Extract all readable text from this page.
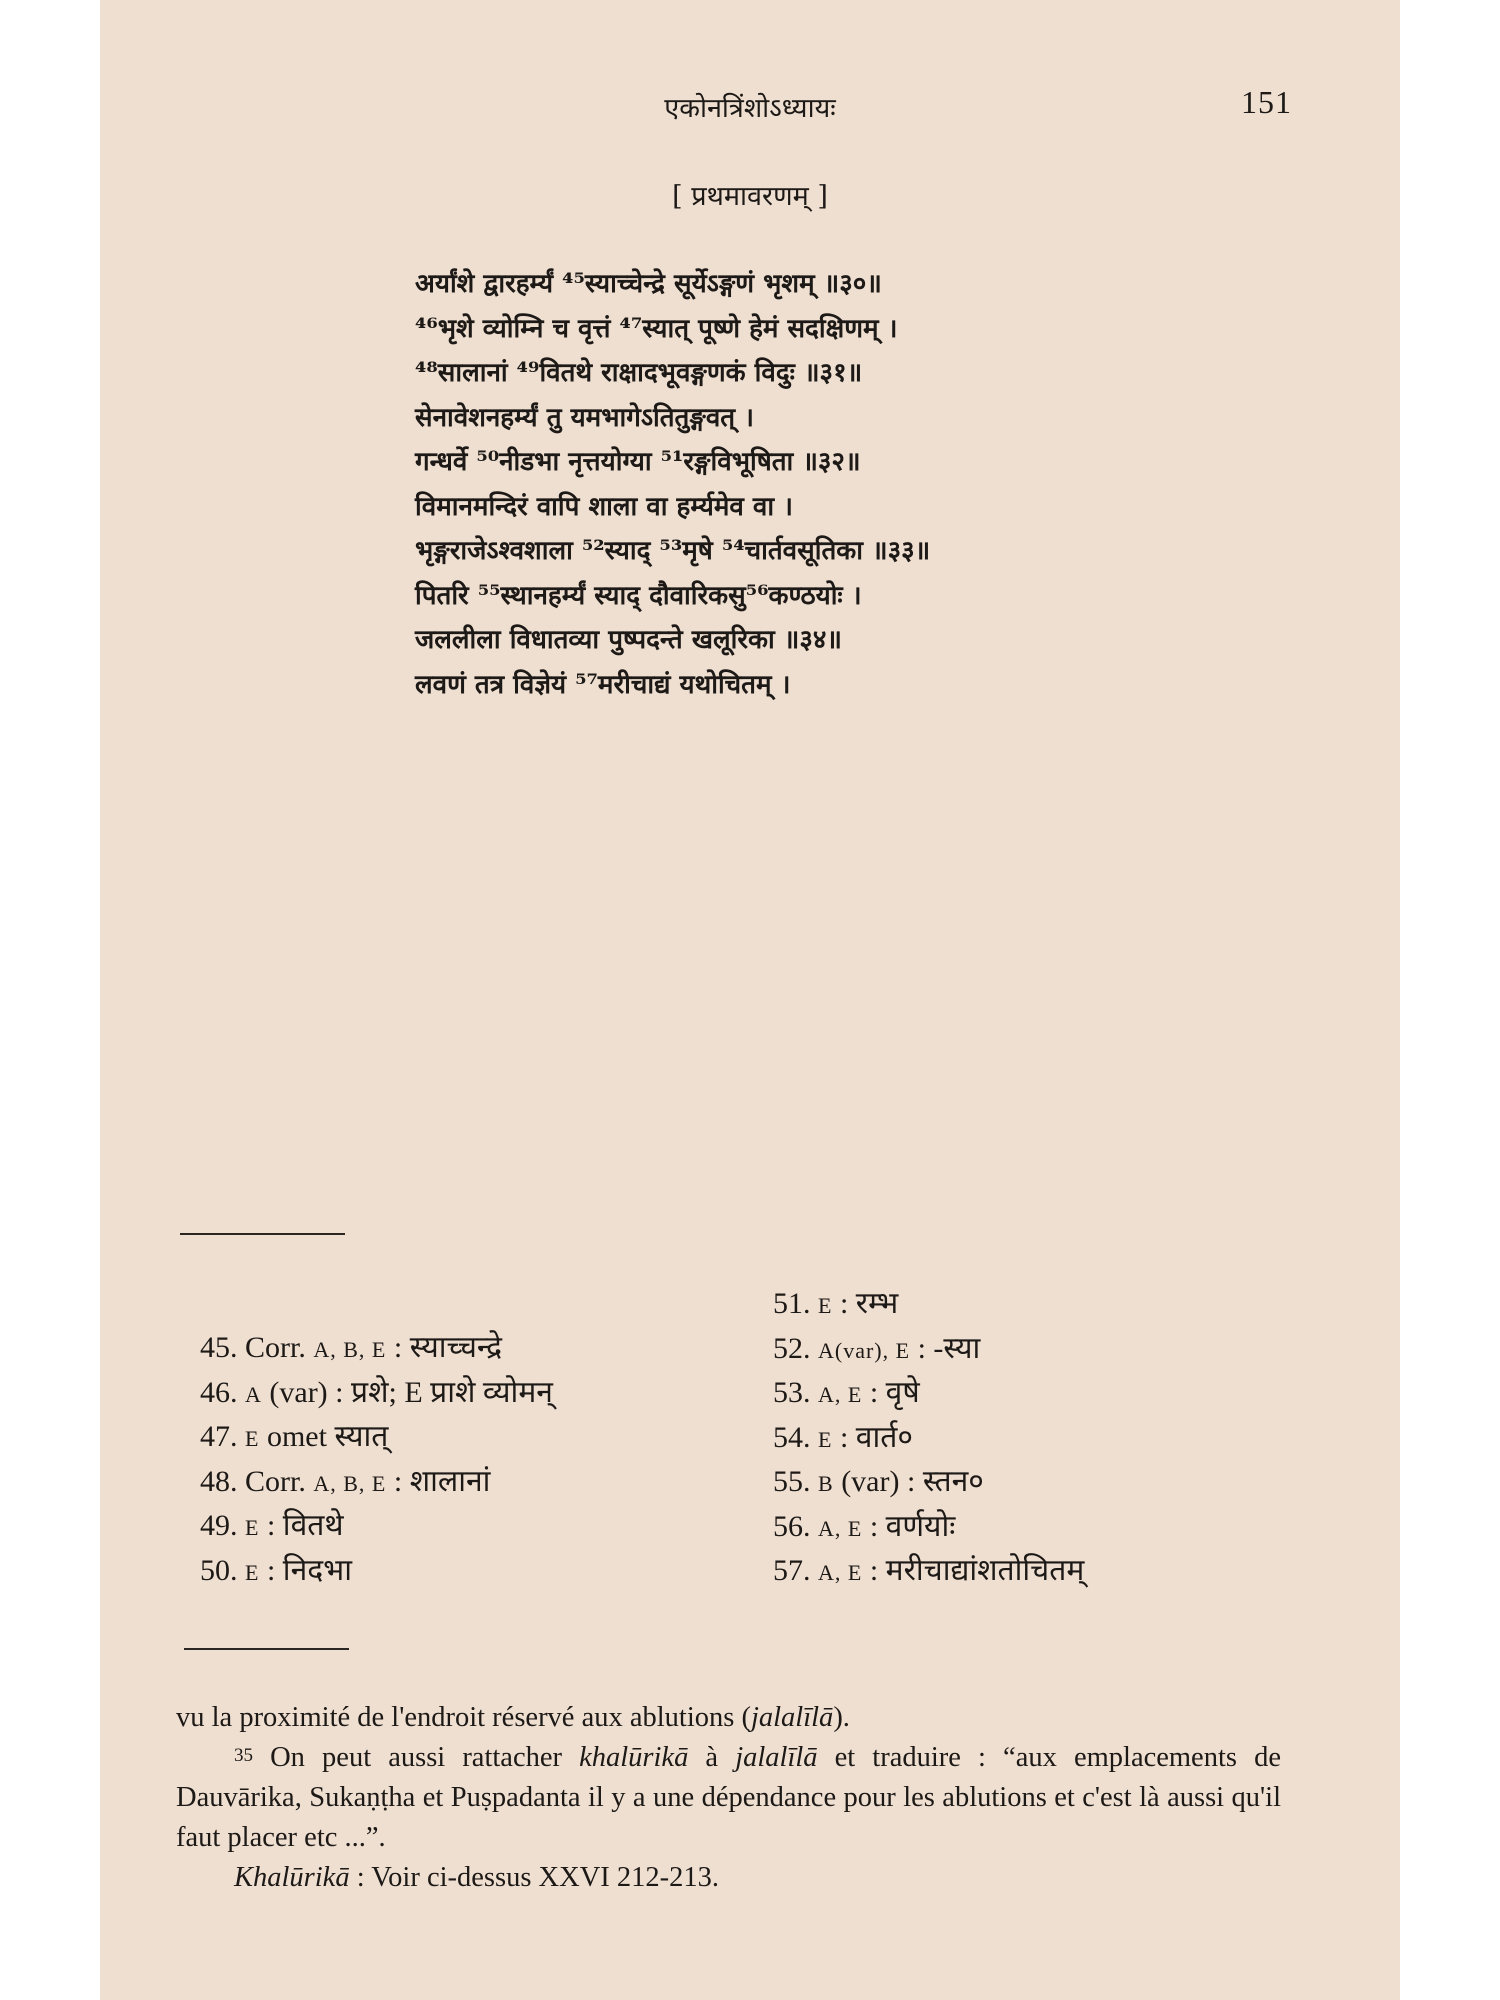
एकोनत्रिंशोऽध्यायः	151
[ प्रथमावरणम् ]
अर्यांशे द्वारहर्म्यं ⁴⁵स्याच्चेन्द्रे सूर्येऽङ्गणं भृशम् ॥३०॥
⁴⁶भृशे व्योम्नि च वृत्तं ⁴⁷स्यात् पूष्णे हेमं सदक्षिणम् ।
⁴⁸सालानां ⁴⁹वितथे राक्षादभूवङ्गणकं विदुः ॥३१॥
सेनावेशनहर्म्यं तु यमभागेऽतितुङ्गवत् ।
गन्धर्वे ⁵⁰नीडभा नृत्तयोग्या ⁵¹रङ्गविभूषिता ॥३२॥
विमानमन्दिरं वापि शाला वा हर्म्यमेव वा ।
भृङ्गराजेऽश्वशाला ⁵²स्याद् ⁵³मृषे ⁵⁴चार्तवसूतिका ॥३३॥
पितरि ⁵⁵स्थानहर्म्यं स्याद् दौवारिकसु⁵⁶कण्ठयोः ।
जललीला विधातव्या पुष्पदन्ते खलूरिका ॥३४॥
लवणं तत्र विज्ञेयं ⁵⁷मरीचाद्यं यथोचितम् ।
45. Corr. A, B, E : स्याच्चन्द्रे
46. A (var) : प्रशे; E प्राशे व्योमन्
47. E omet स्यात्
48. Corr. A, B, E : शालानां
49. E : वितथे
50. E : निदभा
51. E : रम्भ
52. A(var), E : -स्या
53. A, E : वृषे
54. E : वार्त०
55. B (var) : स्तन०
56. A, E : वर्णयोः
57. A, E : मरीचाद्यांशतोचितम्

vu la proximité de l'endroit réservé aux ablutions (jalalīlā).

$^{35}$ On peut aussi rattacher khalūrikā à jalalīlā et traduire : “aux emplacements de Dauvārika, Sukaṇṭha et Puṣpadanta il y a une dépendance pour les ablutions et c'est là aussi qu'il faut placer etc ...”.

Khalūrikā : Voir ci-dessus XXVI 212-213.
